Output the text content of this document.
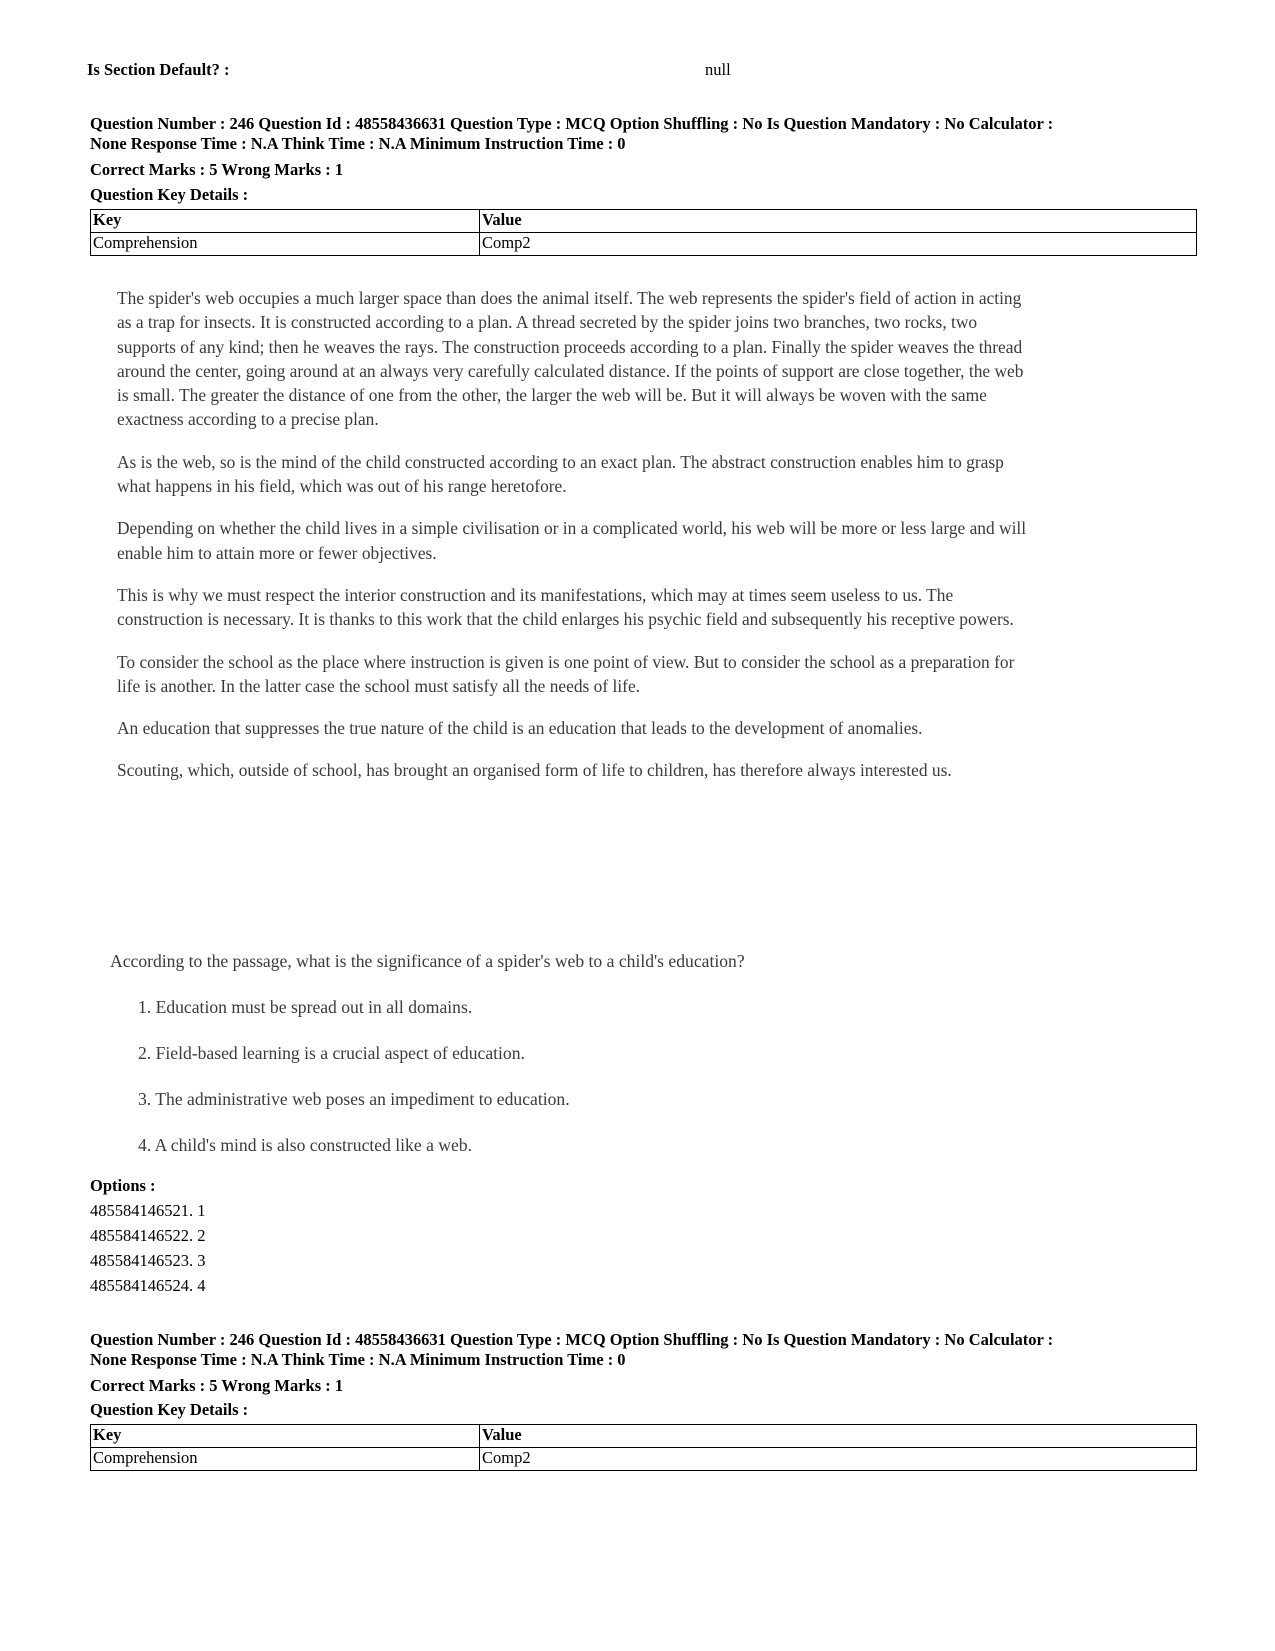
Is Section Default? :	null
Question Number : 246 Question Id : 48558436631 Question Type : MCQ Option Shuffling : No Is Question Mandatory : No Calculator :
None Response Time : N.A Think Time : N.A Minimum Instruction Time : 0
Correct Marks : 5 Wrong Marks : 1
Question Key Details :
Key	Value
Comprehension	Comp2

The spider's web occupies a much larger space than does the animal itself. The web represents the spider's field of action in acting as a trap for insects. It is constructed according to a plan. A thread secreted by the spider joins two branches, two rocks, two supports of any kind; then he weaves the rays. The construction proceeds according to a plan. Finally the spider weaves the thread around the center, going around at an always very carefully calculated distance. If the points of support are close together, the web is small. The greater the distance of one from the other, the larger the web will be. But it will always be woven with the same exactness according to a precise plan.

As is the web, so is the mind of the child constructed according to an exact plan. The abstract construction enables him to grasp what happens in his field, which was out of his range heretofore.

Depending on whether the child lives in a simple civilisation or in a complicated world, his web will be more or less large and will enable him to attain more or fewer objectives.

This is why we must respect the interior construction and its manifestations, which may at times seem useless to us. The construction is necessary. It is thanks to this work that the child enlarges his psychic field and subsequently his receptive powers.

To consider the school as the place where instruction is given is one point of view. But to consider the school as a preparation for life is another. In the latter case the school must satisfy all the needs of life.

An education that suppresses the true nature of the child is an education that leads to the development of anomalies.

Scouting, which, outside of school, has brought an organised form of life to children, has therefore always interested us.

According to the passage, what is the significance of a spider's web to a child's education?
1. Education must be spread out in all domains.
2. Field-based learning is a crucial aspect of education.
3. The administrative web poses an impediment to education.
4. A child's mind is also constructed like a web.
Options :
485584146521. 1
485584146522. 2
485584146523. 3
485584146524. 4
Question Number : 246 Question Id : 48558436631 Question Type : MCQ Option Shuffling : No Is Question Mandatory : No Calculator :
None Response Time : N.A Think Time : N.A Minimum Instruction Time : 0
Correct Marks : 5 Wrong Marks : 1
Question Key Details :
Key	Value
Comprehension	Comp2
